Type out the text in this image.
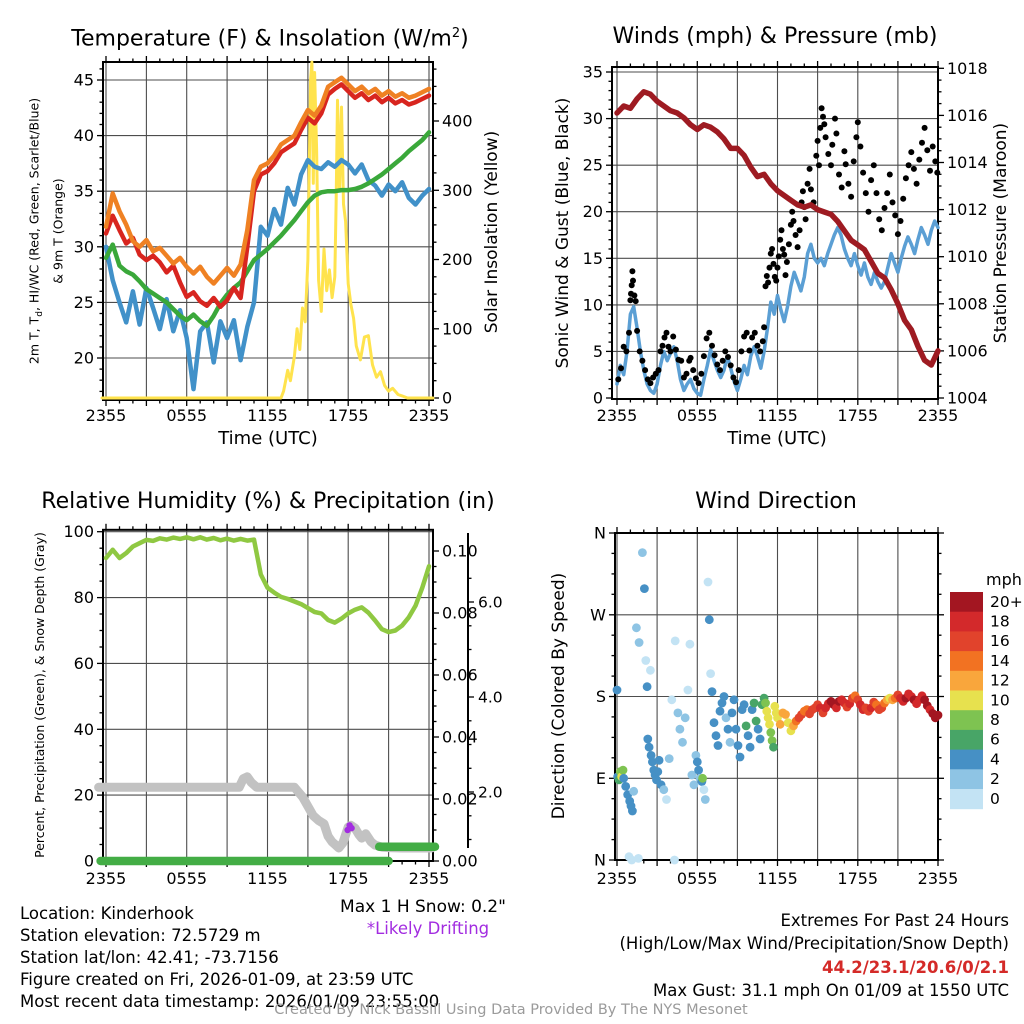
2355	0555	1155	1755	2355
20
25
30
35
40
45
0
100
200
300
400
2355 0555 1155 1755 2355
0
5
10
15
20
25
30
35
1004
1006
1008
1010
1012
1014
1016
1018
2355	0555	1155	1755	2355
0
20
40
60
80
100
0.00
0.02
0.04
0.06
0.08
0.10
2.0
4.0
6.0
2355 0555 1155 1755 2355
N
W
S
E
N
20+
18
16
14
12
10
8
6
4
2
0
Temperature (F) & Insolation $(W/m^2)$	Winds (mph) & Pressure (mb)
Relative Humidity (%) & Precipitation (in)	Wind Direction
Time (UTC)	Time (UTC)
2m T, $T_d$, HI/WC (Red, Green, Scarlet/Blue) & 9m T (Orange)	Solar Insolation (Yellow)	Sonic Wind & Gust (Blue, Black)	Station Pressure (Maroon)
Percent, Precipitation (Green), & Snow Depth (Gray)	Direction (Colored By Speed)	mph
Location: Kinderhook
Station elevation: 72.5729 m
Station lat/lon: 42.41; -73.7156
Figure created on Fri, 2026-01-09, at 23:59 UTC
Most recent data timestamp: 2026/01/09 23:55:00
Max 1 H Snow: 0.2"
*Likely Drifting	Extremes For Past 24 Hours
(High/Low/Max Wind/Precipitation/Snow Depth)
44.2/23.1/20.6/0/2.1
Max Gust: 31.1 mph On 01/09 at 1550 UTC
Created By Nick Bassill Using Data Provided By The NYS Mesonet
